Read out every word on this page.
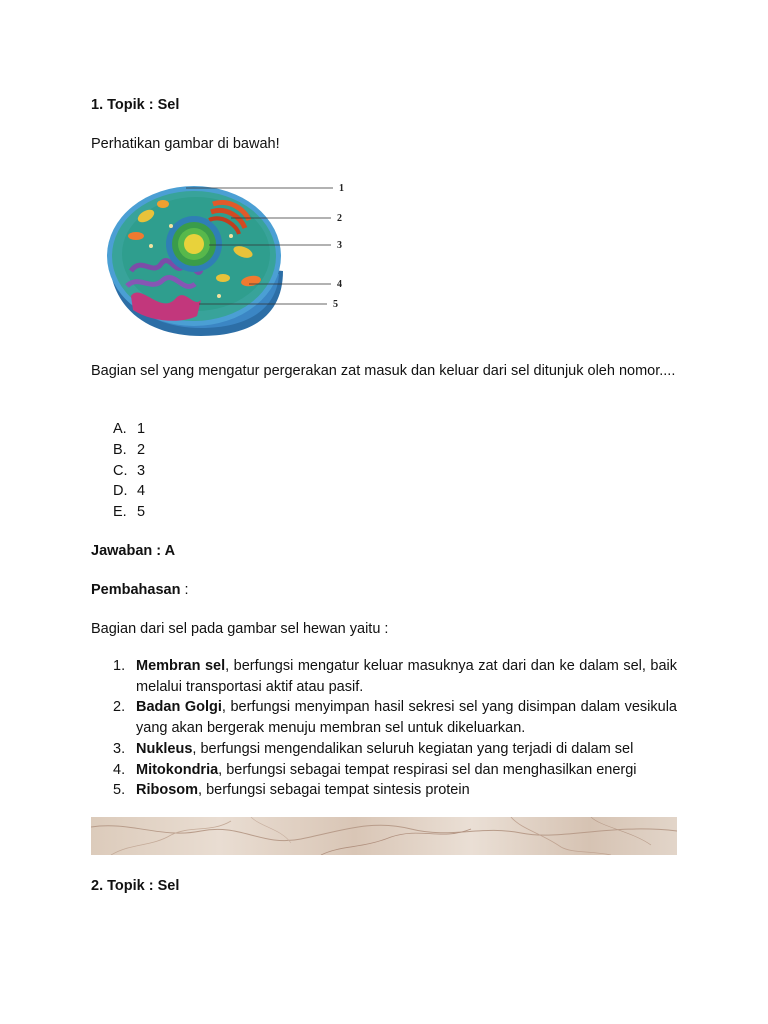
1. Topik : Sel
Perhatikan gambar di bawah!
1
2
3
4
5
Bagian sel yang mengatur pergerakan zat masuk dan keluar dari sel ditunjuk oleh nomor....
A. 1
B. 2
C. 3
D. 4
E. 5
Jawaban : A
Pembahasan :
Bagian dari sel pada gambar sel hewan yaitu :
1. Membran sel, berfungsi mengatur keluar masuknya zat dari dan ke dalam sel, baik melalui transportasi aktif atau pasif.
2. Badan Golgi, berfungsi menyimpan hasil sekresi sel yang disimpan dalam vesikula yang akan bergerak menuju membran sel untuk dikeluarkan.
3. Nukleus, berfungsi mengendalikan seluruh kegiatan yang terjadi di dalam sel
4. Mitokondria, berfungsi sebagai tempat respirasi sel dan menghasilkan energi
5. Ribosom, berfungsi sebagai tempat sintesis protein
2. Topik : Sel
